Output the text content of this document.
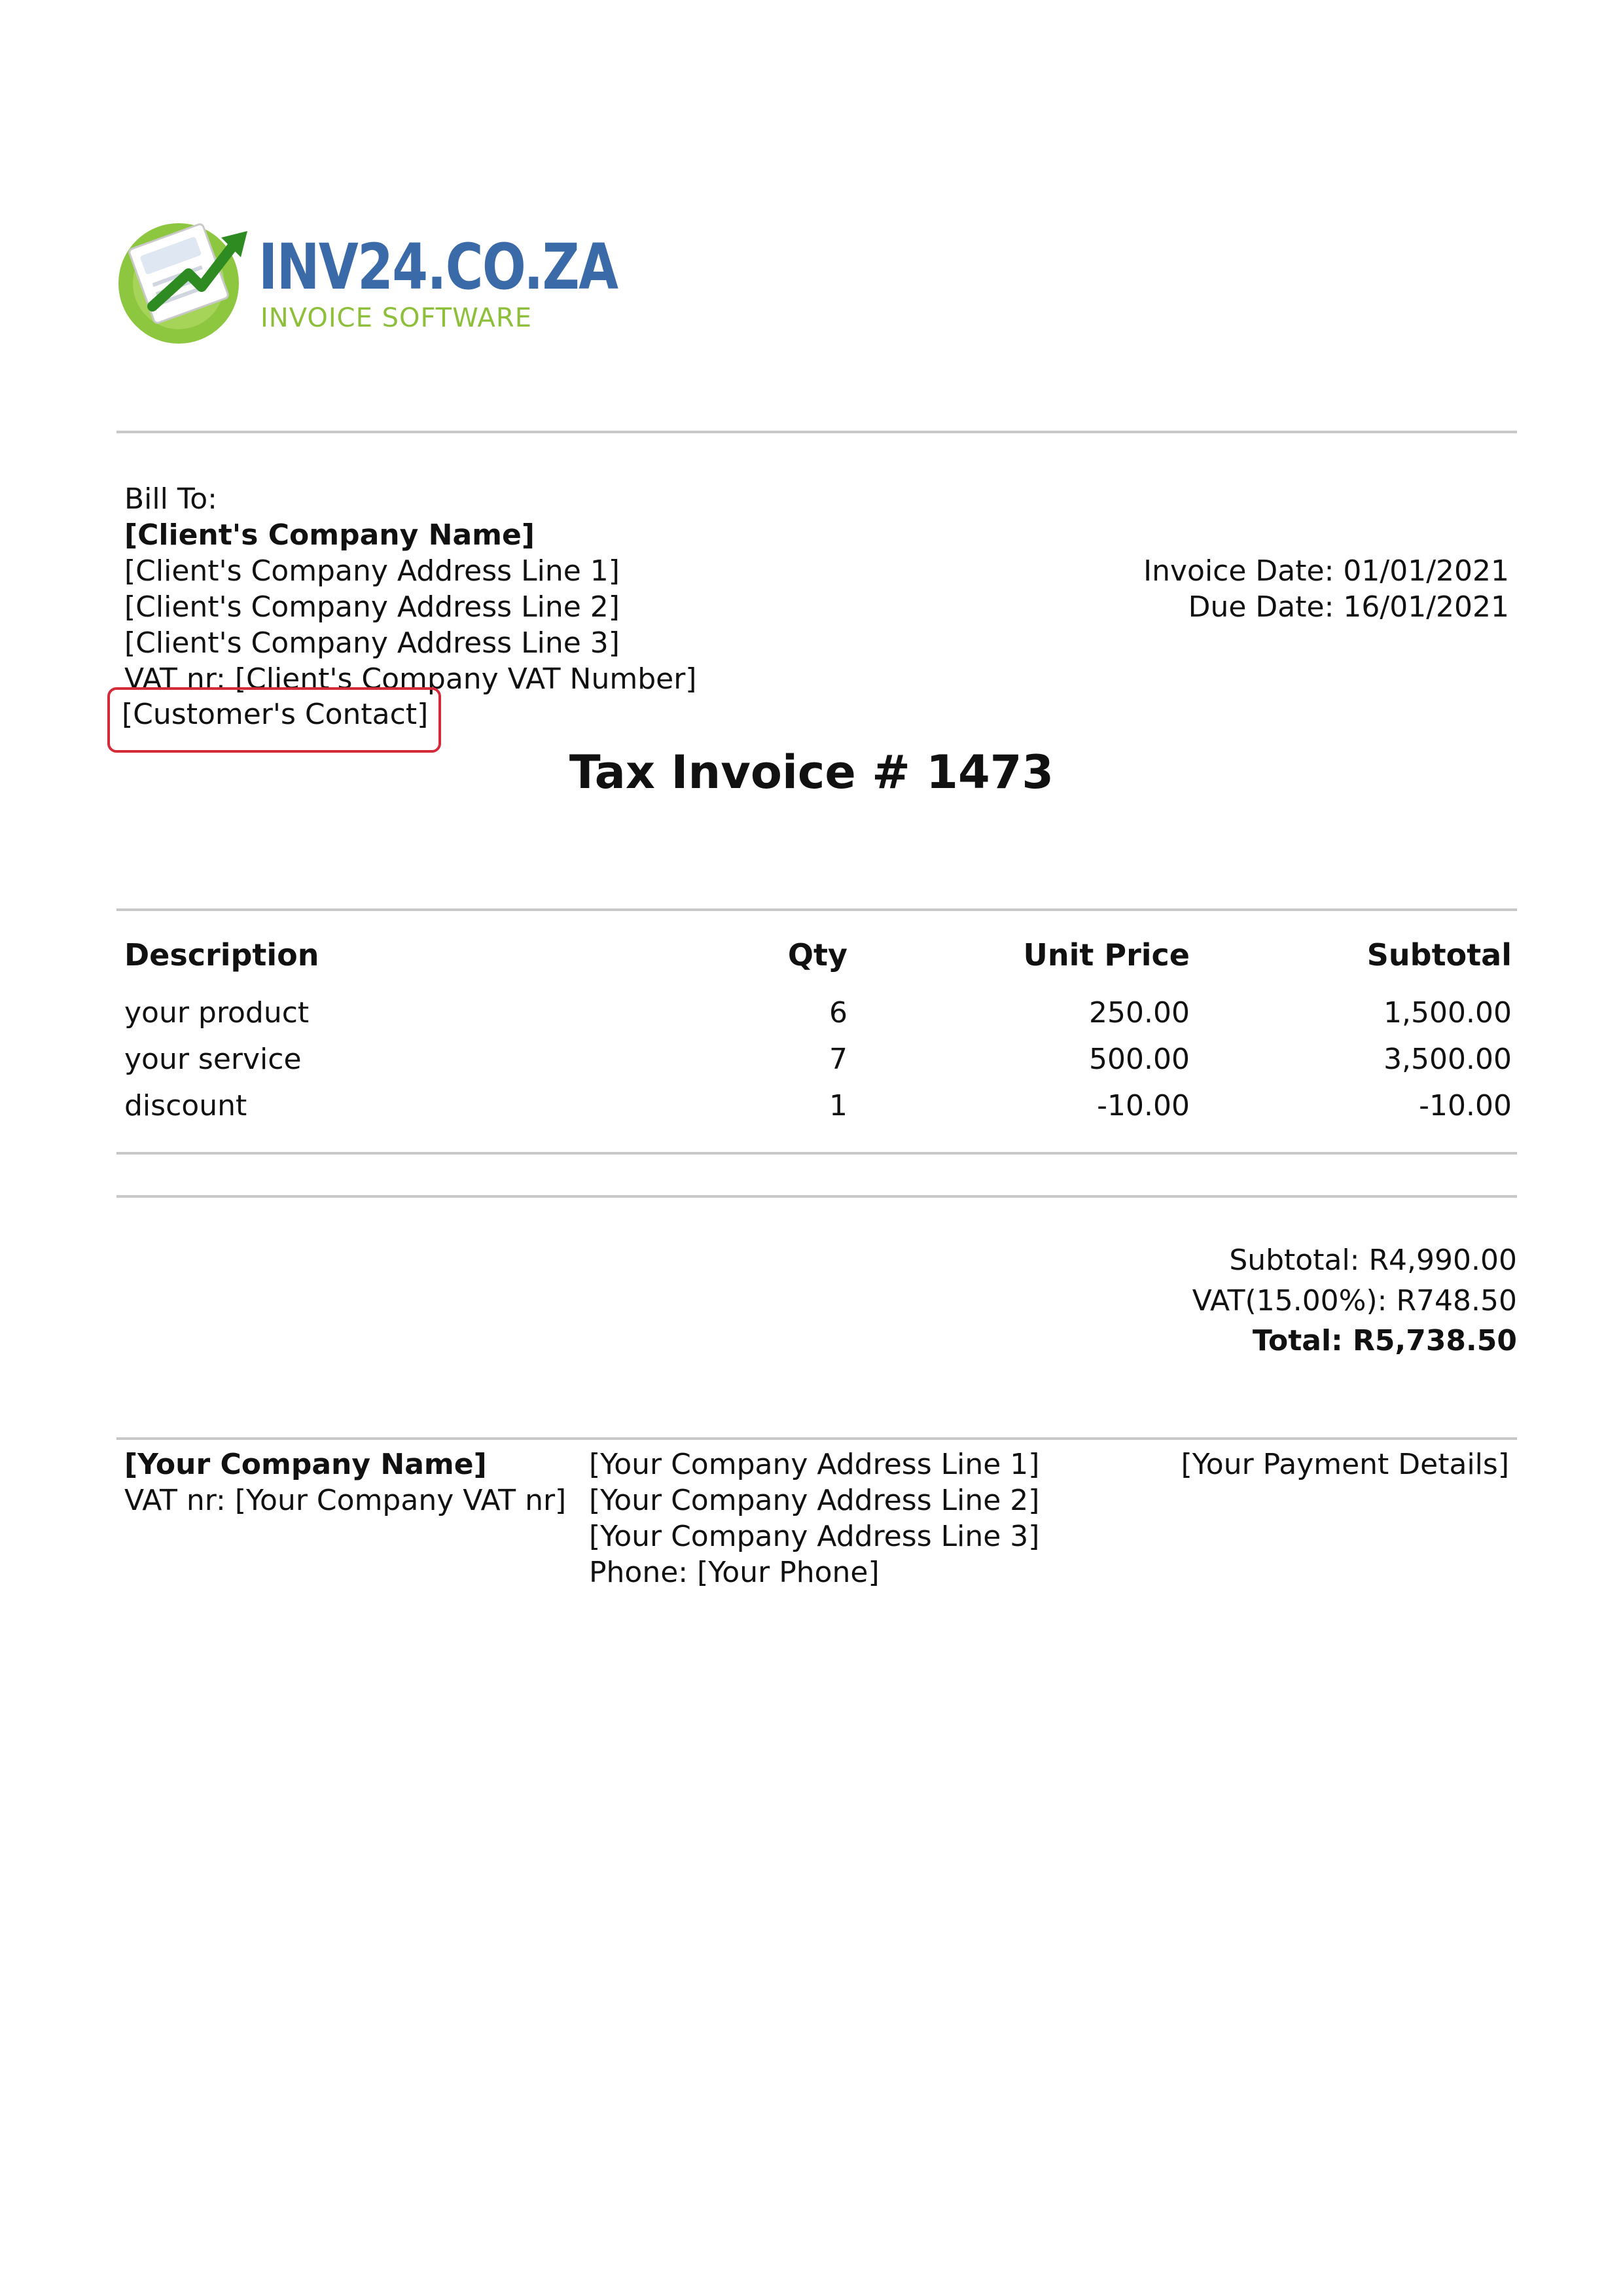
INV24.CO.ZA
INVOICE SOFTWARE
Bill To:
[Client's Company Name]
[Client's Company Address Line 1]
[Client's Company Address Line 2]
[Client's Company Address Line 3]
VAT nr: [Client's Company VAT Number]
[Customer's Contact]
Invoice Date: 01/01/2021
Due Date: 16/01/2021
Tax Invoice # 1473
Description	Qty	Unit Price	Subtotal
your product	6	250.00	1,500.00
your service	7	500.00	3,500.00
discount	1	-10.00	-10.00
Subtotal: R4,990.00
VAT(15.00%): R748.50
Total: R5,738.50
[Your Company Name]
VAT nr: [Your Company VAT nr]
[Your Company Address Line 1]
[Your Company Address Line 2]
[Your Company Address Line 3]
Phone: [Your Phone]
[Your Payment Details]
